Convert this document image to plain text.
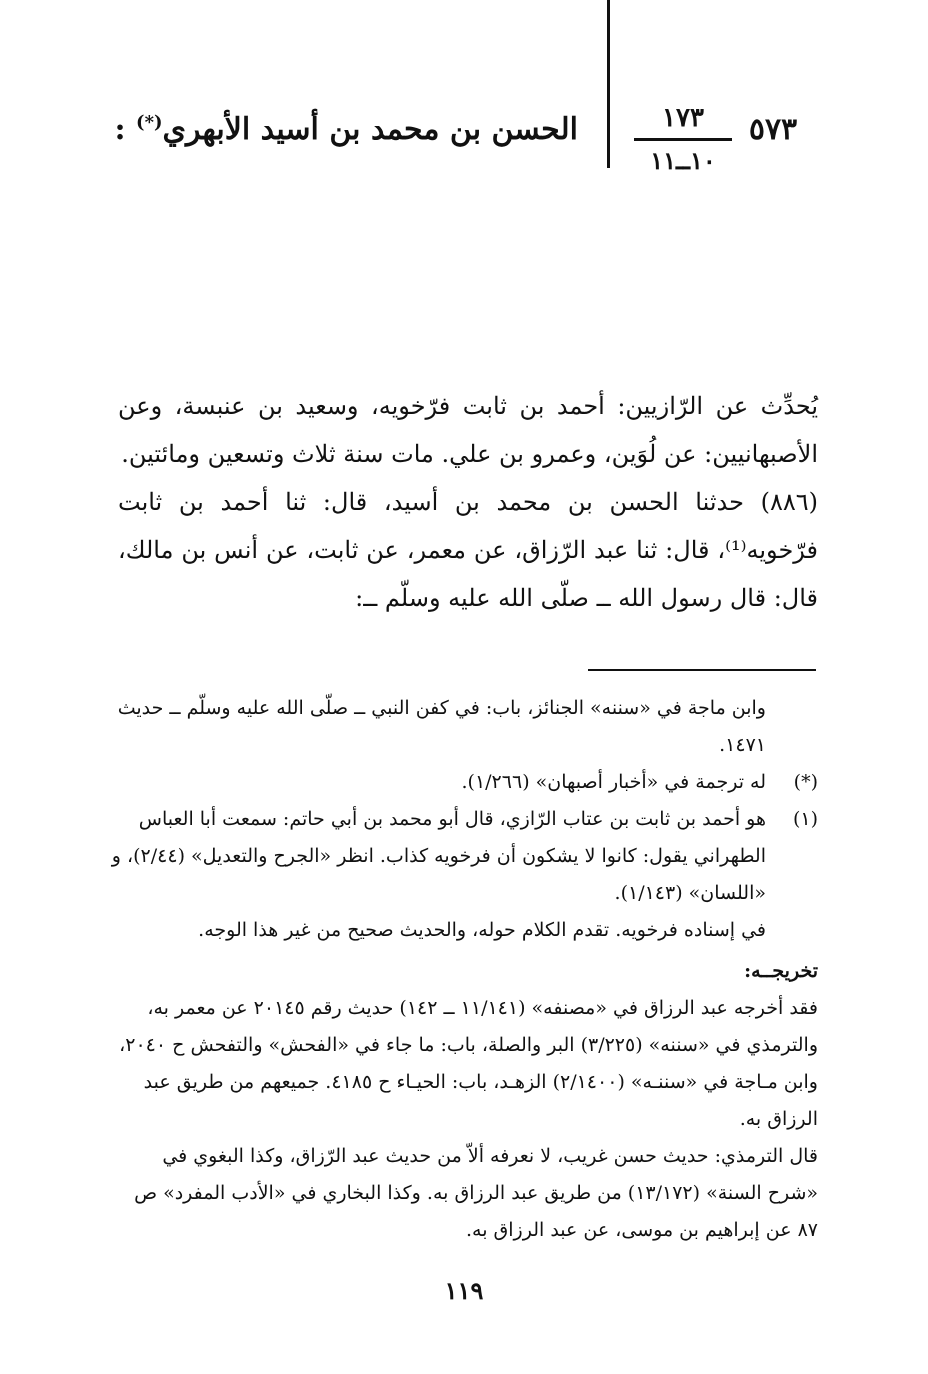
٥٧٣
١٧٣
١٠ــ١١
الحسن بن محمد بن أسيد الأبهري(*) :

يُحدِّث عن الرّازيين: أحمد بن ثابت فرّخويه، وسعيد بن عنبسة، وعن الأصبهانيين: عن لُوَين، وعمرو بن علي. مات سنة ثلاث وتسعين ومائتين.

(٨٨٦) حدثنا الحسن بن محمد بن أسيد، قال: ثنا أحمد بن ثابت فرّخويه⁽¹⁾، قال: ثنا عبد الرّزاق، عن معمر، عن ثابت، عن أنس بن مالك، قال: قال رسول الله ــ صلّى الله عليه وسلّم ــ:

وابن ماجة في «سننه» الجنائز، باب: في كفن النبي ــ صلّى الله عليه وسلّم ــ حديث ١٤٧١.

(*)
له ترجمة في «أخبار أصبهان» (١/٢٦٦).
(١)
هو أحمد بن ثابت بن عتاب الرّازي، قال أبو محمد بن أبي حاتم: سمعت أبا العباس الطهراني يقول: كانوا لا يشكون أن فرخويه كذاب. انظر «الجرح والتعديل» (٢/٤٤)، و «اللسان» (١/١٤٣).

في إسناده فرخويه. تقدم الكلام حوله، والحديث صحيح من غير هذا الوجه.

تخريجــه:

فقد أخرجه عبد الرزاق في «مصنفه» (١١/١٤١ ــ ١٤٢) حديث رقم ٢٠١٤٥ عن معمر به، والترمذي في «سننه» (٣/٢٢٥) البر والصلة، باب: ما جاء في «الفحش» والتفحش ح ٢٠٤٠، وابن مـاجة في «سننـه» (٢/١٤٠٠) الزهـد، باب: الحيـاء ح ٤١٨٥. جميعهم من طريق عبد الرزاق به.

قال الترمذي: حديث حسن غريب، لا نعرفه ألاّ من حديث عبد الرّزاق، وكذا البغوي في «شرح السنة» (١٣/١٧٢) من طريق عبد الرزاق به. وكذا البخاري في «الأدب المفرد» ص ٨٧ عن إبراهيم بن موسى، عن عبد الرزاق به.

١١٩
